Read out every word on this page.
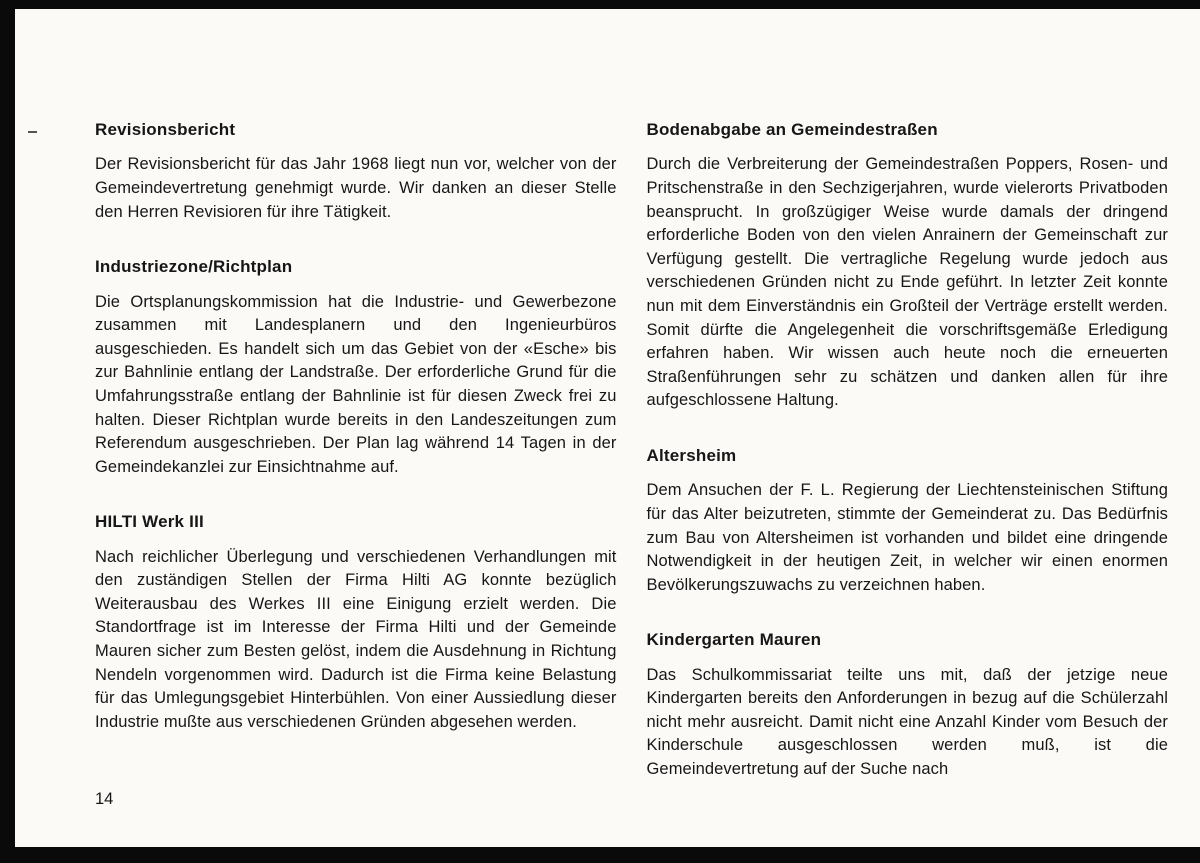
Revisionsbericht

Der Revisionsbericht für das Jahr 1968 liegt nun vor, welcher von der Gemeindevertretung genehmigt wurde. Wir danken an dieser Stelle den Herren Revisioren für ihre Tätigkeit.

Industriezone/Richtplan

Die Ortsplanungskommission hat die Industrie- und Gewerbezone zusammen mit Landesplanern und den Ingenieurbüros ausgeschieden. Es handelt sich um das Gebiet von der «Esche» bis zur Bahnlinie entlang der Landstraße. Der erforderliche Grund für die Umfahrungsstraße entlang der Bahnlinie ist für diesen Zweck frei zu halten. Dieser Richtplan wurde bereits in den Landeszeitungen zum Referendum ausgeschrieben. Der Plan lag während 14 Tagen in der Gemeindekanzlei zur Einsichtnahme auf.

HILTI Werk III

Nach reichlicher Überlegung und verschiedenen Verhandlungen mit den zuständigen Stellen der Firma Hilti AG konnte bezüglich Weiterausbau des Werkes III eine Einigung erzielt werden. Die Standortfrage ist im Interesse der Firma Hilti und der Gemeinde Mauren sicher zum Besten gelöst, indem die Ausdehnung in Richtung Nendeln vorgenommen wird. Dadurch ist die Firma keine Belastung für das Umlegungsgebiet Hinterbühlen. Von einer Aussiedlung dieser Industrie mußte aus verschiedenen Gründen abgesehen werden.

Bodenabgabe an Gemeindestraßen

Durch die Verbreiterung der Gemeindestraßen Poppers, Rosen- und Pritschenstraße in den Sechzigerjahren, wurde vielerorts Privatboden beansprucht. In großzügiger Weise wurde damals der dringend erforderliche Boden von den vielen Anrainern der Gemeinschaft zur Verfügung gestellt. Die vertragliche Regelung wurde jedoch aus verschiedenen Gründen nicht zu Ende geführt. In letzter Zeit konnte nun mit dem Einverständnis ein Großteil der Verträge erstellt werden. Somit dürfte die Angelegenheit die vorschriftsgemäße Erledigung erfahren haben. Wir wissen auch heute noch die erneuerten Straßenführungen sehr zu schätzen und danken allen für ihre aufgeschlossene Haltung.

Altersheim

Dem Ansuchen der F. L. Regierung der Liechtensteinischen Stiftung für das Alter beizutreten, stimmte der Gemeinderat zu. Das Bedürfnis zum Bau von Altersheimen ist vorhanden und bildet eine dringende Notwendigkeit in der heutigen Zeit, in welcher wir einen enormen Bevölkerungszuwachs zu verzeichnen haben.

Kindergarten Mauren

Das Schulkommissariat teilte uns mit, daß der jetzige neue Kindergarten bereits den Anforderungen in bezug auf die Schülerzahl nicht mehr ausreicht. Damit nicht eine Anzahl Kinder vom Besuch der Kinderschule ausgeschlossen werden muß, ist die Gemeindevertretung auf der Suche nach

14
